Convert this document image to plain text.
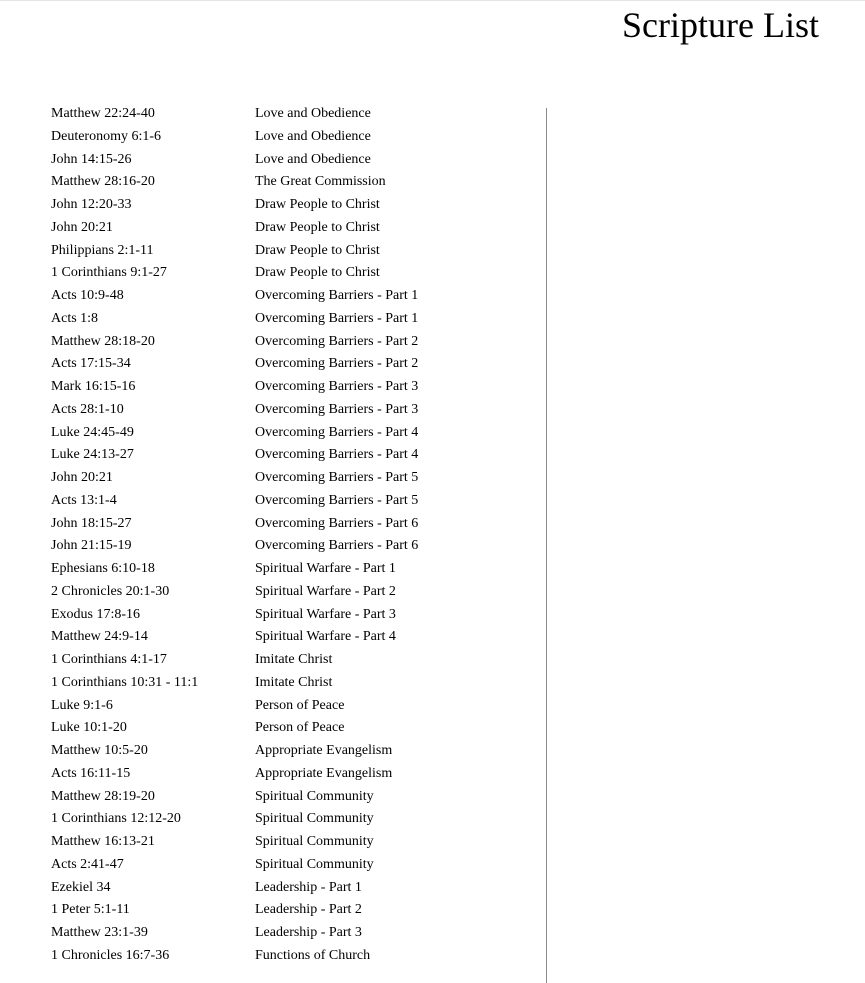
Scripture List
Matthew 22:24-40	Love and Obedience
Deuteronomy 6:1-6	Love and Obedience
John 14:15-26	Love and Obedience
Matthew 28:16-20	The Great Commission
John 12:20-33	Draw People to Christ
John 20:21	Draw People to Christ
Philippians 2:1-11	Draw People to Christ
1 Corinthians 9:1-27	Draw People to Christ
Acts 10:9-48	Overcoming Barriers - Part 1
Acts 1:8	Overcoming Barriers - Part 1
Matthew 28:18-20	Overcoming Barriers - Part 2
Acts 17:15-34	Overcoming Barriers - Part 2
Mark 16:15-16	Overcoming Barriers - Part 3
Acts 28:1-10	Overcoming Barriers - Part 3
Luke 24:45-49	Overcoming Barriers - Part 4
Luke 24:13-27	Overcoming Barriers - Part 4
John 20:21	Overcoming Barriers - Part 5
Acts 13:1-4	Overcoming Barriers - Part 5
John 18:15-27	Overcoming Barriers - Part 6
John 21:15-19	Overcoming Barriers - Part 6
Ephesians 6:10-18	Spiritual Warfare - Part 1
2 Chronicles 20:1-30	Spiritual Warfare - Part 2
Exodus 17:8-16	Spiritual Warfare - Part 3
Matthew 24:9-14	Spiritual Warfare - Part 4
1 Corinthians 4:1-17	Imitate Christ
1 Corinthians 10:31 - 11:1	Imitate Christ
Luke 9:1-6	Person of Peace
Luke 10:1-20	Person of Peace
Matthew 10:5-20	Appropriate Evangelism
Acts 16:11-15	Appropriate Evangelism
Matthew 28:19-20	Spiritual Community
1 Corinthians 12:12-20	Spiritual Community
Matthew 16:13-21	Spiritual Community
Acts 2:41-47	Spiritual Community
Ezekiel 34	Leadership - Part 1
1 Peter 5:1-11	Leadership - Part 2
Matthew 23:1-39	Leadership - Part 3
1 Chronicles 16:7-36	Functions of Church
